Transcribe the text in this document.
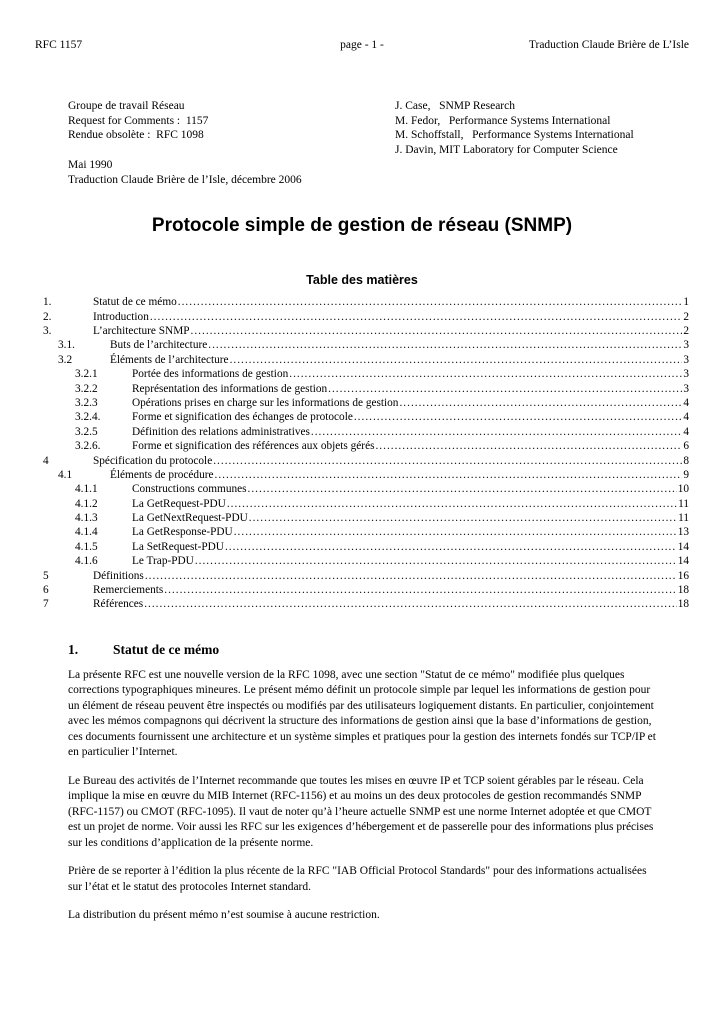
RFC 1157	page - 1 -	Traduction Claude Brière de L’Isle
Groupe de travail Réseau
Request for Comments :  1157
Rendue obsolète :  RFC 1098
Mai 1990
Traduction Claude Brière de l’Isle, décembre 2006
J. Case,   SNMP Research
M. Fedor,   Performance Systems International
M. Schoffstall,   Performance Systems International
J. Davin, MIT Laboratory for Computer Science
Protocole simple de gestion de réseau (SNMP)
Table des matières
1.	Statut de ce mémo .....	1
2.	Introduction .....	2
3.	L’architecture SNMP .....	2
3.1.	Buts de l’architecture .....	3
3.2	Éléments de l’architecture .....	3
3.2.1	Portée des informations de gestion .....	3
3.2.2	Représentation des informations de gestion .....	3
3.2.3	Opérations prises en charge sur les informations de gestion .....	4
3.2.4.	Forme et signification des échanges de protocole .....	4
3.2.5	Définition des relations administratives .....	4
3.2.6.	Forme et signification des références aux objets gérés .....	6
4	Spécification du protocole .....	8
4.1	Éléments de procédure .....	9
4.1.1	Constructions communes .....	10
4.1.2	La GetRequest-PDU .....	11
4.1.3	La GetNextRequest-PDU .....	11
4.1.4	La GetResponse-PDU .....	13
4.1.5	La SetRequest-PDU .....	14
4.1.6	Le Trap-PDU .....	14
5	Définitions .....	16
6	Remerciements .....	18
7	Références .....	18
1.	Statut de ce mémo

La présente RFC est une nouvelle version de la RFC 1098, avec une section "Statut de ce mémo" modifiée plus quelques corrections typographiques mineures. Le présent mémo définit un protocole simple par lequel les informations de gestion pour un élément de réseau peuvent être inspectés ou modifiés par des utilisateurs logiquement distants. En particulier, conjointement avec les mémos compagnons qui décrivent la structure des informations de gestion ainsi que la base d’informations de gestion, ces documents fournissent une architecture et un système simples et pratiques pour la gestion des internets fondés sur TCP/IP et en particulier l’Internet.

Le Bureau des activités de l’Internet recommande que toutes les mises en œuvre IP et TCP soient gérables par le réseau. Cela implique la mise en œuvre du MIB Internet (RFC-1156) et au moins un des deux protocoles de gestion recommandés SNMP (RFC-1157) ou CMOT (RFC-1095). Il vaut de noter qu’à l’heure actuelle SNMP est une norme Internet adoptée et que CMOT est un projet de norme. Voir aussi les RFC sur les exigences d’hébergement et de passerelle pour des informations plus précises sur les conditions d’application de la présente norme.

Prière de se reporter à l’édition la plus récente de la RFC "IAB Official Protocol Standards" pour des informations actualisées sur l’état et le statut des protocoles Internet standard.

La distribution du présent mémo n’est soumise à aucune restriction.
